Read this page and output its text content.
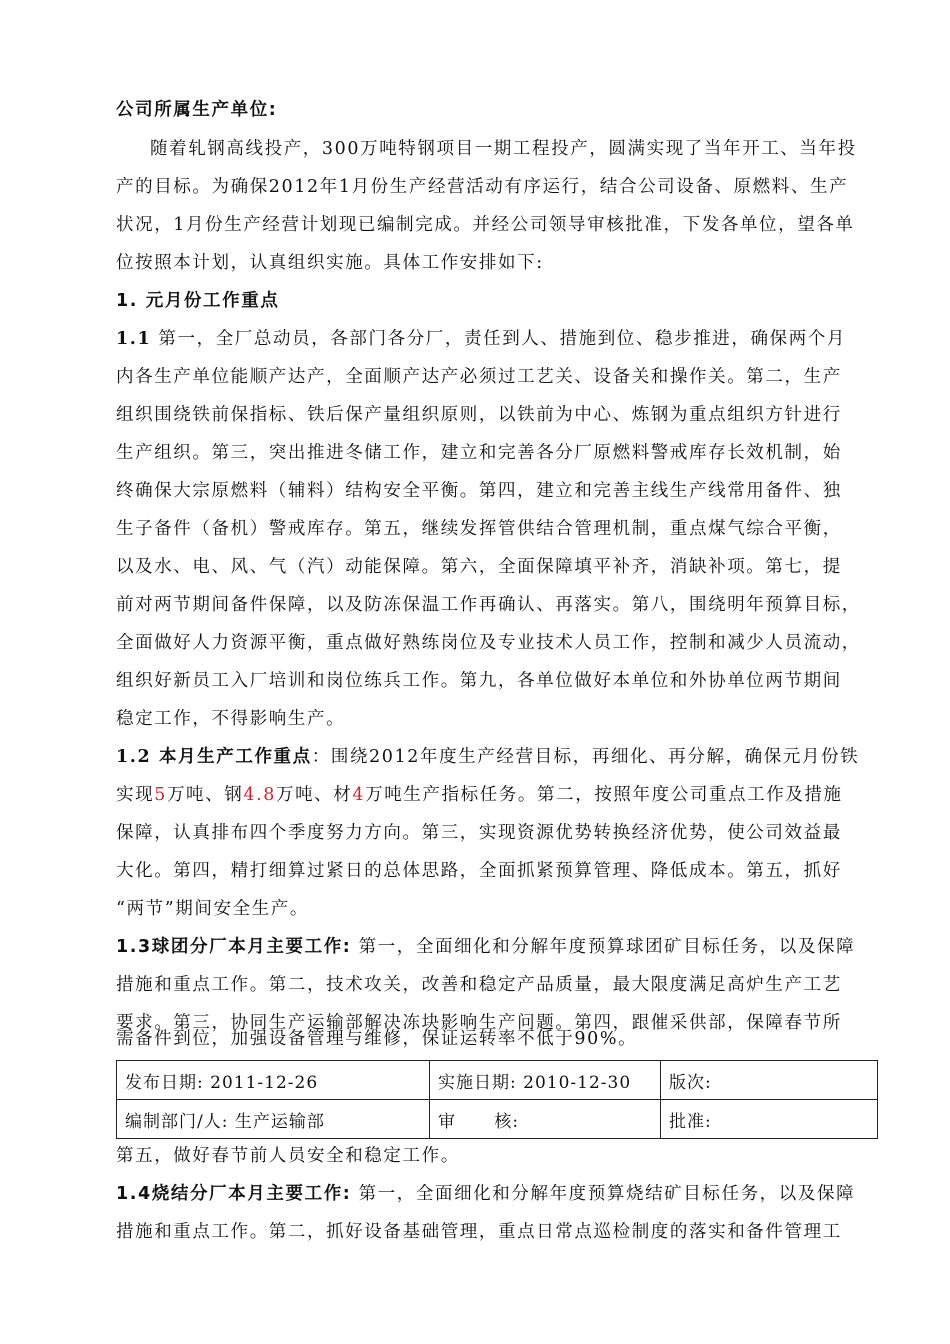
公司所属生产单位:
随着轧钢高线投产，300万吨特钢项目一期工程投产，圆满实现了当年开工、当年投
产的目标。为确保2012年1月份生产经营活动有序运行，结合公司设备、原燃料、生产
状况，1月份生产经营计划现已编制完成。并经公司领导审核批准，下发各单位，望各单
位按照本计划，认真组织实施。具体工作安排如下:
1. 元月份工作重点
1.1 第一，全厂总动员，各部门各分厂，责任到人、措施到位、稳步推进，确保两个月
内各生产单位能顺产达产，全面顺产达产必须过工艺关、设备关和操作关。第二，生产
组织围绕铁前保指标、铁后保产量组织原则，以铁前为中心、炼钢为重点组织方针进行
生产组织。第三，突出推进冬储工作，建立和完善各分厂原燃料警戒库存长效机制，始
终确保大宗原燃料（辅料）结构安全平衡。第四，建立和完善主线生产线常用备件、独
生子备件（备机）警戒库存。第五，继续发挥管供结合管理机制，重点煤气综合平衡，
以及水、电、风、气（汽）动能保障。第六，全面保障填平补齐，消缺补项。第七，提
前对两节期间备件保障，以及防冻保温工作再确认、再落实。第八，围绕明年预算目标，
全面做好人力资源平衡，重点做好熟练岗位及专业技术人员工作，控制和减少人员流动，
组织好新员工入厂培训和岗位练兵工作。第九，各单位做好本单位和外协单位两节期间
稳定工作，不得影响生产。
1.2 本月生产工作重点：围绕2012年度生产经营目标，再细化、再分解，确保元月份铁
实现5万吨、钢4.8万吨、材4万吨生产指标任务。第二，按照年度公司重点工作及措施
保障，认真排布四个季度努力方向。第三，实现资源优势转换经济优势，使公司效益最
大化。第四，精打细算过紧日的总体思路，全面抓紧预算管理、降低成本。第五，抓好
“两节”期间安全生产。
1.3球团分厂本月主要工作: 第一，全面细化和分解年度预算球团矿目标任务，以及保障
措施和重点工作。第二，技术攻关，改善和稳定产品质量，最大限度满足高炉生产工艺
要求。第三，协同生产运输部解决冻块影响生产问题。第四，跟催采供部，保障春节所
需备件到位，加强设备管理与维修，保证运转率不低于90%。
发布日期: 2011-12-26	实施日期: 2010-12-30	版次:
编制部门/人: 生产运输部	审      核:	批准:
第五，做好春节前人员安全和稳定工作。
1.4烧结分厂本月主要工作: 第一，全面细化和分解年度预算烧结矿目标任务，以及保障
措施和重点工作。第二，抓好设备基础管理，重点日常点巡检制度的落实和备件管理工
